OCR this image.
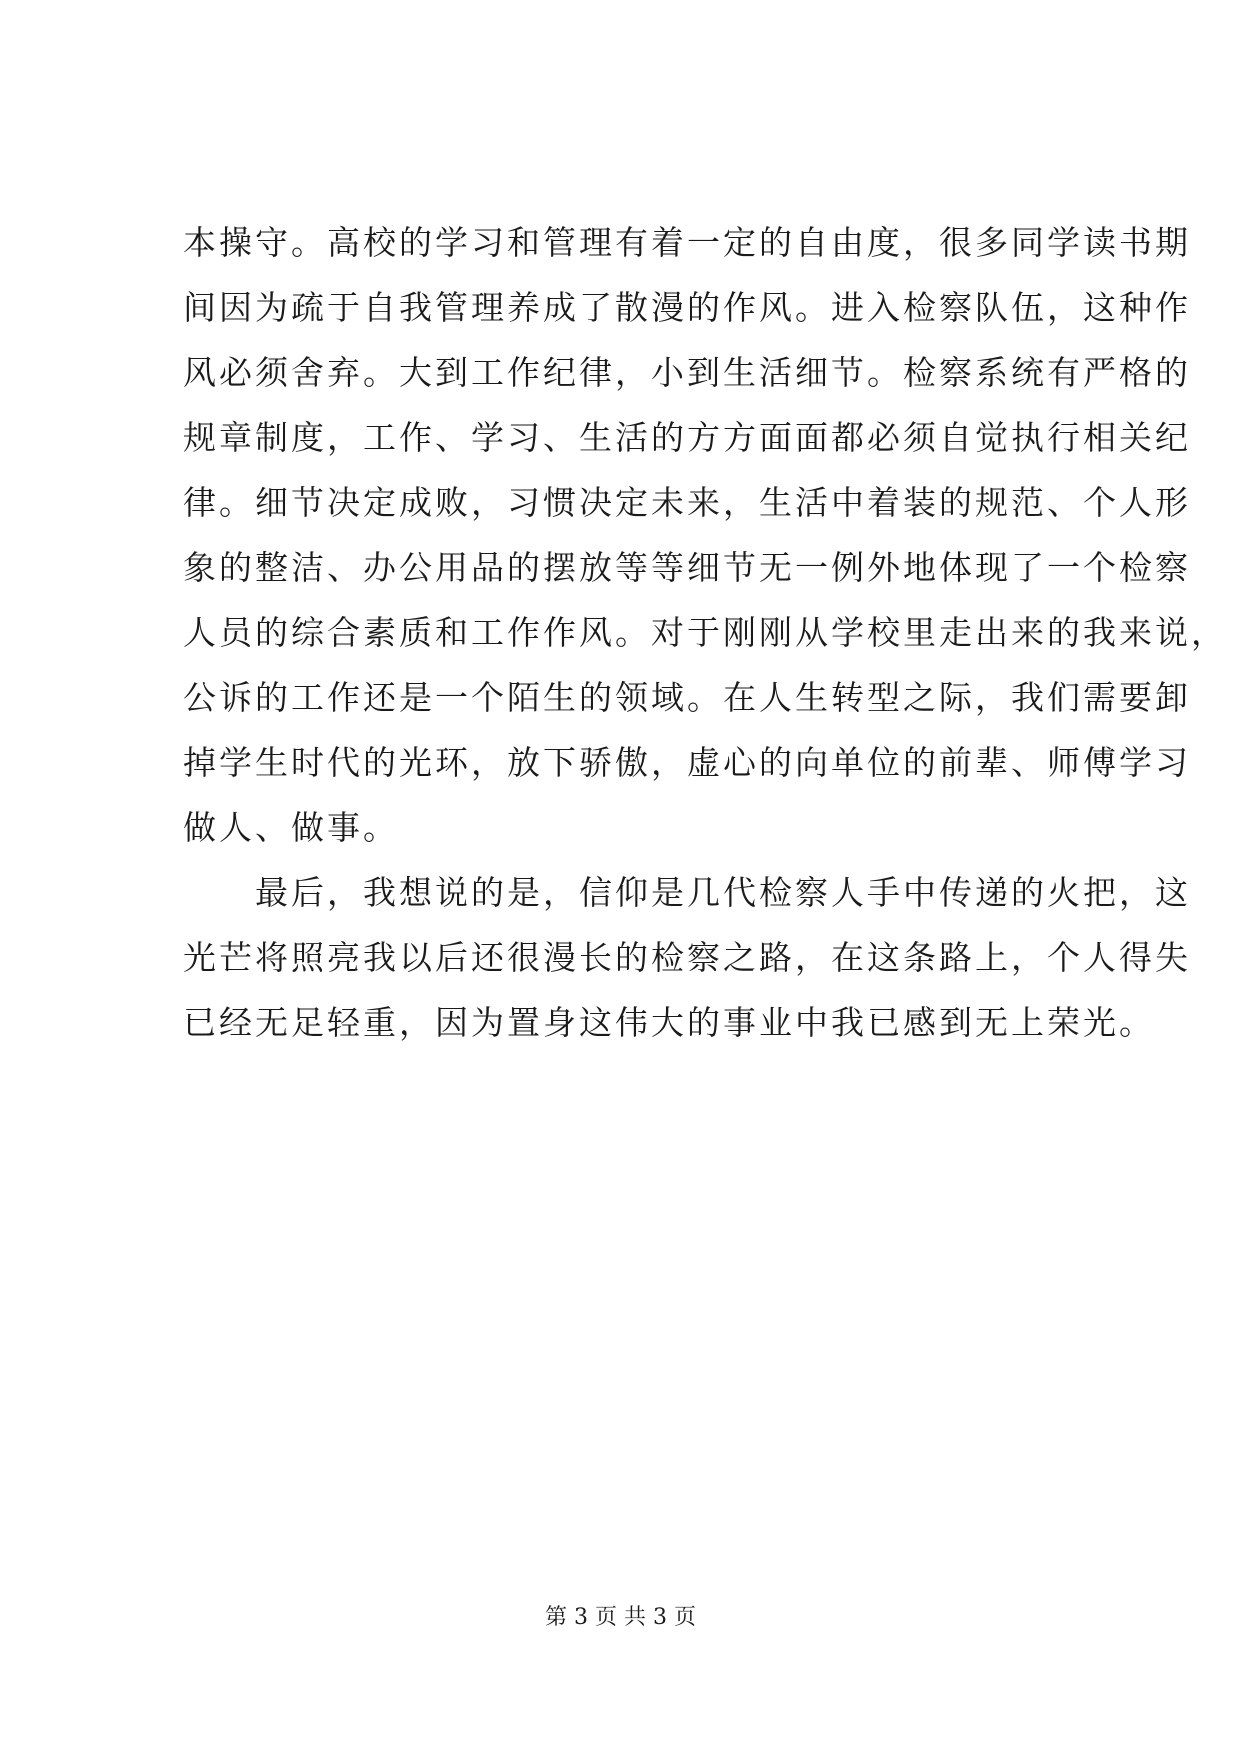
本操守。高校的学习和管理有着一定的自由度，很多同学读书期
间因为疏于自我管理养成了散漫的作风。进入检察队伍，这种作
风必须舍弃。大到工作纪律，小到生活细节。检察系统有严格的
规章制度，工作、学习、生活的方方面面都必须自觉执行相关纪
律。细节决定成败，习惯决定未来，生活中着装的规范、个人形
象的整洁、办公用品的摆放等等细节无一例外地体现了一个检察
人员的综合素质和工作作风。对于刚刚从学校里走出来的我来说，
公诉的工作还是一个陌生的领域。在人生转型之际，我们需要卸
掉学生时代的光环，放下骄傲，虚心的向单位的前辈、师傅学习
做人、做事。
　　最后，我想说的是，信仰是几代检察人手中传递的火把，这
光芒将照亮我以后还很漫长的检察之路，在这条路上，个人得失
已经无足轻重，因为置身这伟大的事业中我已感到无上荣光。
第 3 页 共 3 页
